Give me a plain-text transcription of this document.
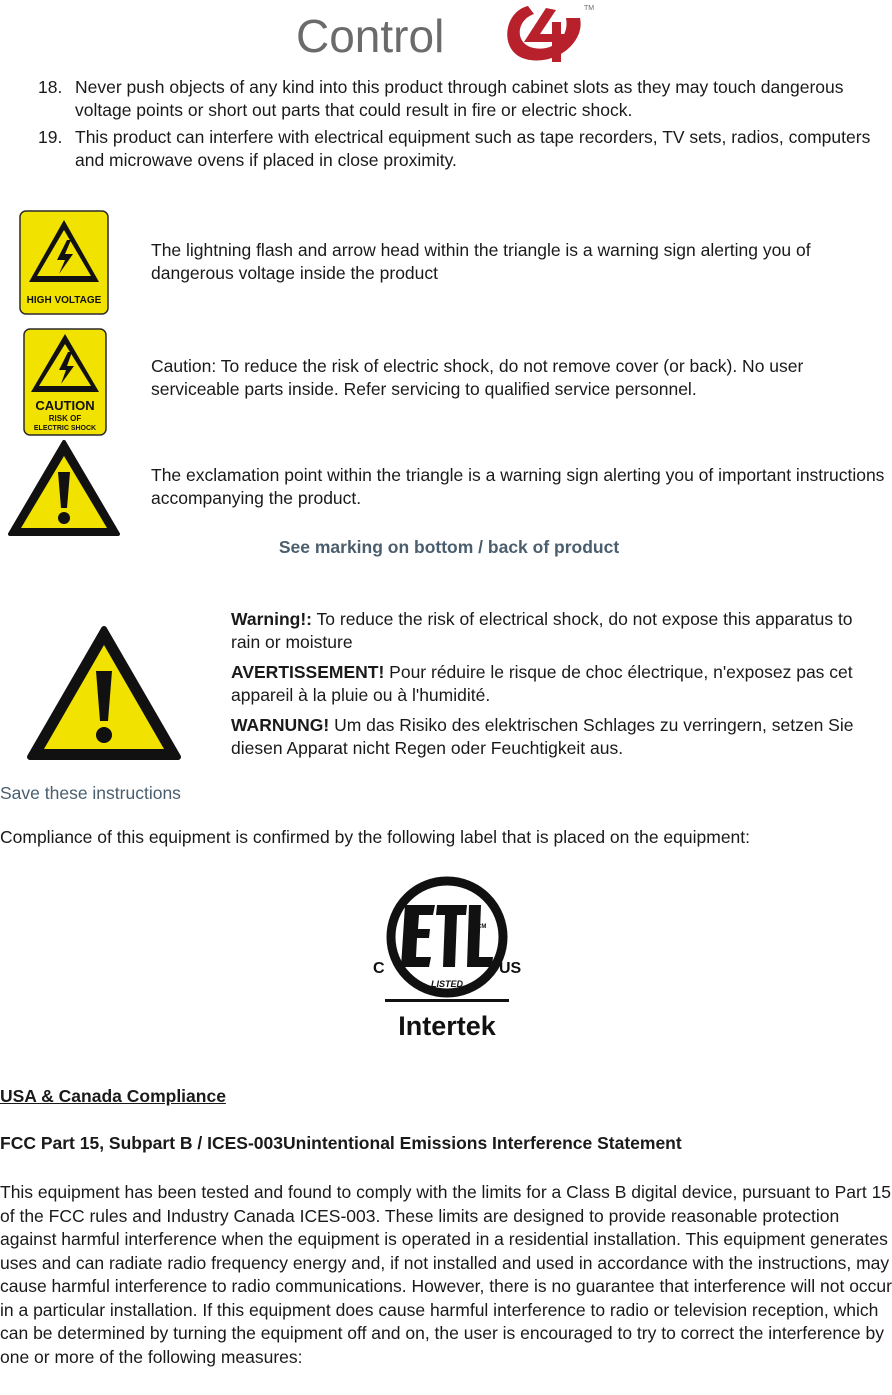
Control
TM
18. Never push objects of any kind into this product through cabinet slots as they may touch dangerous voltage points or short out parts that could result in fire or electric shock.
19. This product can interfere with electrical equipment such as tape recorders, TV sets, radios, computers and microwave ovens if placed in close proximity.
HIGH VOLTAGE
The lightning flash and arrow head within the triangle is a warning sign alerting you of dangerous voltage inside the product
CAUTION
RISK OF
ELECTRIC SHOCK
Caution: To reduce the risk of electric shock, do not remove cover (or back). No user serviceable parts inside. Refer servicing to qualified service personnel.
The exclamation point within the triangle is a warning sign alerting you of important instructions accompanying the product.
See marking on bottom / back of product

Warning!: To reduce the risk of electrical shock, do not expose this apparatus to rain or moisture

AVERTISSEMENT! Pour réduire le risque de choc électrique, n'exposez pas cet appareil à la pluie ou à l'humidité.

WARNUNG! Um das Risiko des elektrischen Schlages zu verringern, setzen Sie diesen Apparat nicht Regen oder Feuchtigkeit aus.

Save these instructions
Compliance of this equipment is confirmed by the following label that is placed on the equipment:
CM
LISTED
C	US
Intertek
USA & Canada Compliance
FCC Part 15, Subpart B / ICES-003Unintentional Emissions Interference Statement
This equipment has been tested and found to comply with the limits for a Class B digital device, pursuant to Part 15 of the FCC rules and Industry Canada ICES-003. These limits are designed to provide reasonable protection against harmful interference when the equipment is operated in a residential installation. This equipment generates uses and can radiate radio frequency energy and, if not installed and used in accordance with the instructions, may cause harmful interference to radio communications. However, there is no guarantee that interference will not occur in a particular installation. If this equipment does cause harmful interference to radio or television reception, which can be determined by turning the equipment off and on, the user is encouraged to try to correct the interference by one or more of the following measures:
